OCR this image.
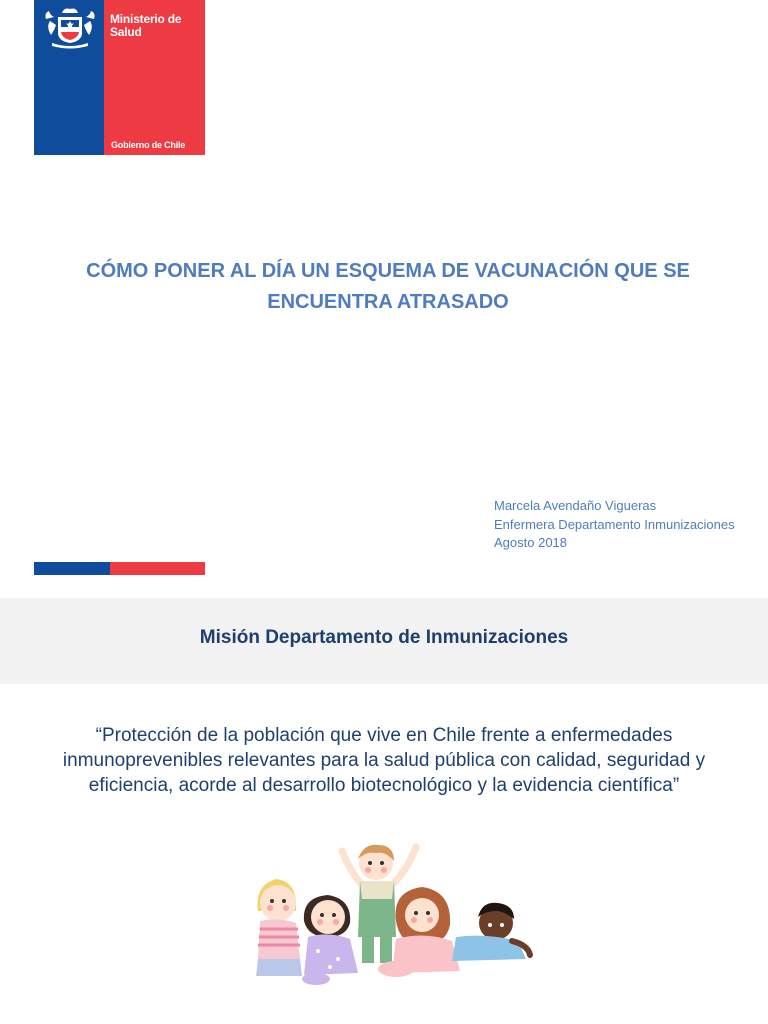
Ministerio de
Salud
Gobierno de Chile
CÓMO PONER AL DÍA UN ESQUEMA DE VACUNACIÓN QUE SE ENCUENTRA ATRASADO
Marcela Avendaño Vigueras
Enfermera Departamento Inmunizaciones
Agosto 2018
Misión Departamento de Inmunizaciones
“Protección de la población que vive en Chile frente a enfermedades inmunoprevenibles relevantes para la salud pública con calidad, seguridad y eficiencia, acorde al desarrollo biotecnológico y la evidencia científica”
